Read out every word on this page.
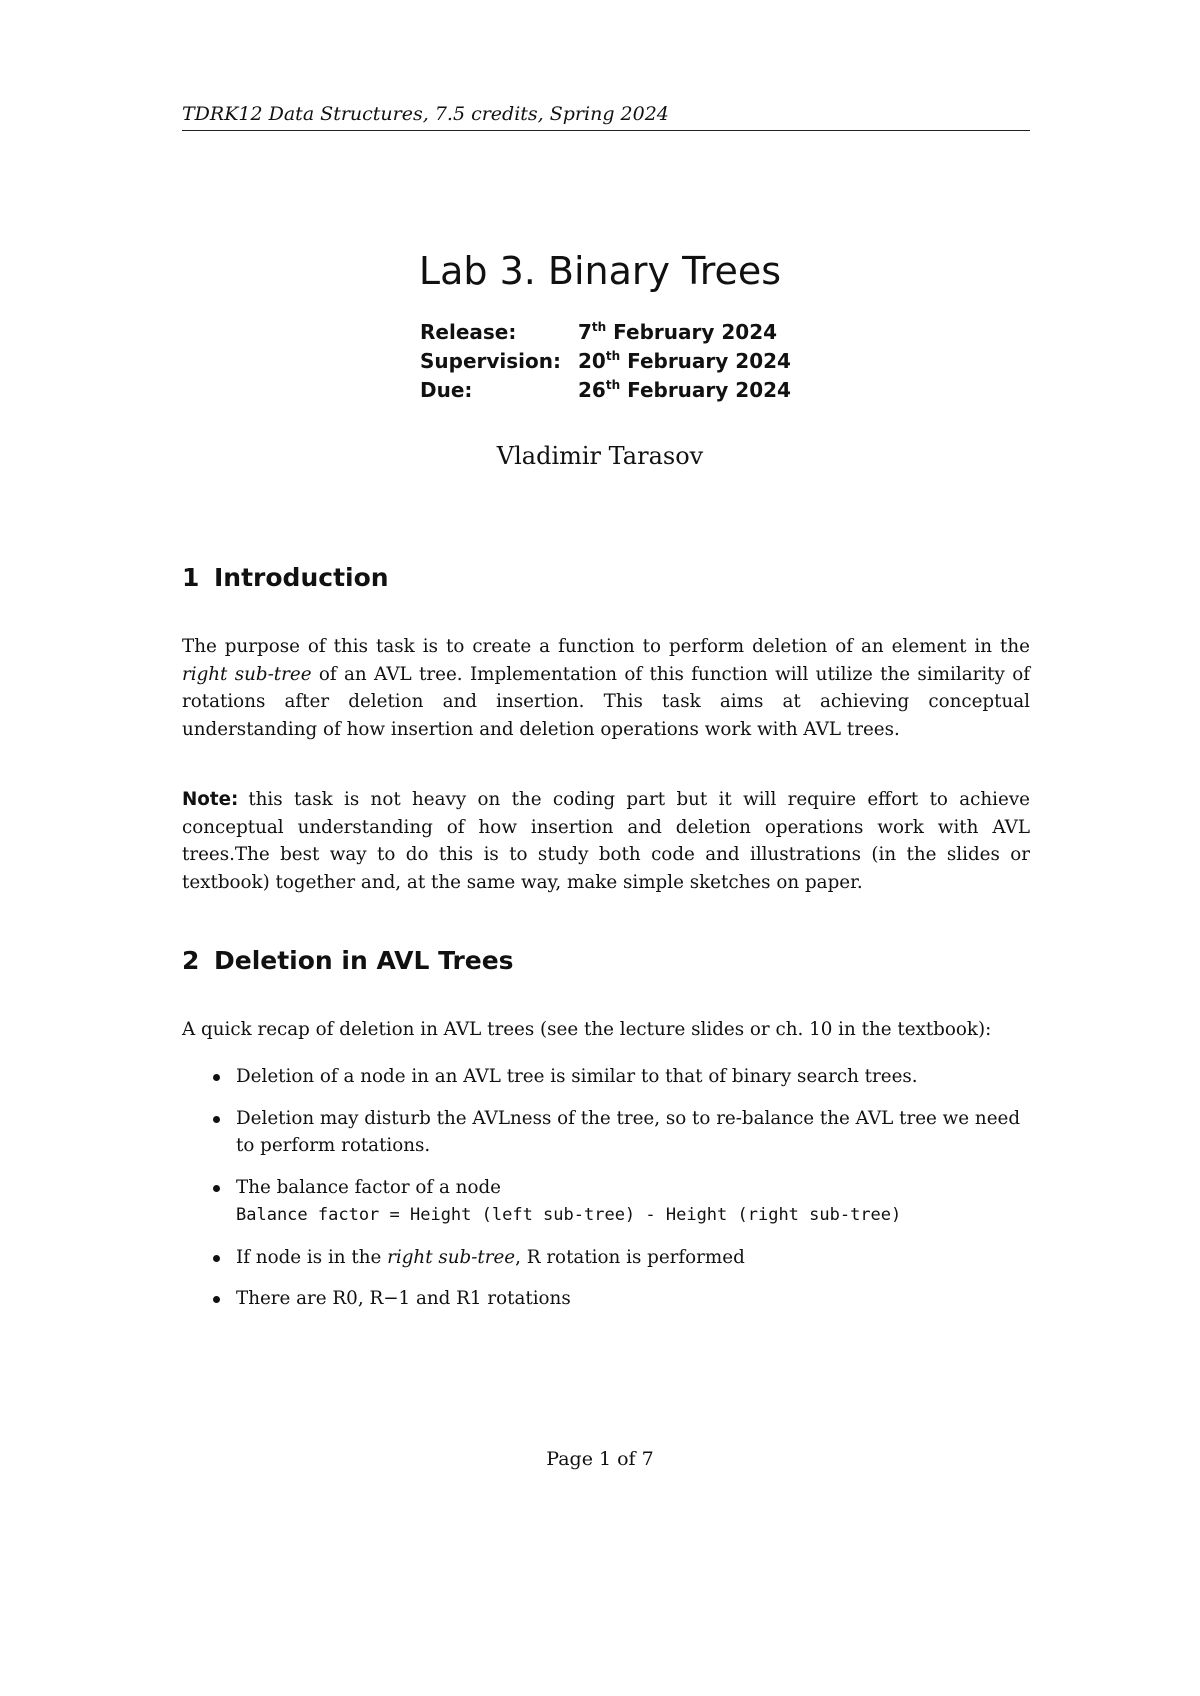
TDRK12 Data Structures, 7.5 credits, Spring 2024
Lab 3. Binary Trees
Release:	7th February 2024
Supervision: 20th February 2024
Due:	26th February 2024
Vladimir Tarasov
1 Introduction

The purpose of this task is to create a function to perform deletion of an element in the right sub-tree of an AVL tree. Implementation of this function will utilize the similarity of rotations after deletion and insertion. This task aims at achieving conceptual understanding of how insertion and deletion operations work with AVL trees.

Note: this task is not heavy on the coding part but it will require effort to achieve conceptual understanding of how insertion and deletion operations work with AVL trees.The best way to do this is to study both code and illustrations (in the slides or textbook) together and, at the same way, make simple sketches on paper.

2 Deletion in AVL Trees

A quick recap of deletion in AVL trees (see the lecture slides or ch. 10 in the textbook):

Deletion of a node in an AVL tree is similar to that of binary search trees.
Deletion may disturb the AVLness of the tree, so to re-balance the AVL tree we need to perform rotations.
The balance factor of a node
Balance factor = Height (left sub-tree) - Height (right sub-tree)
If node is in the right sub-tree, R rotation is performed
There are R0, R−1 and R1 rotations
Page 1 of 7
